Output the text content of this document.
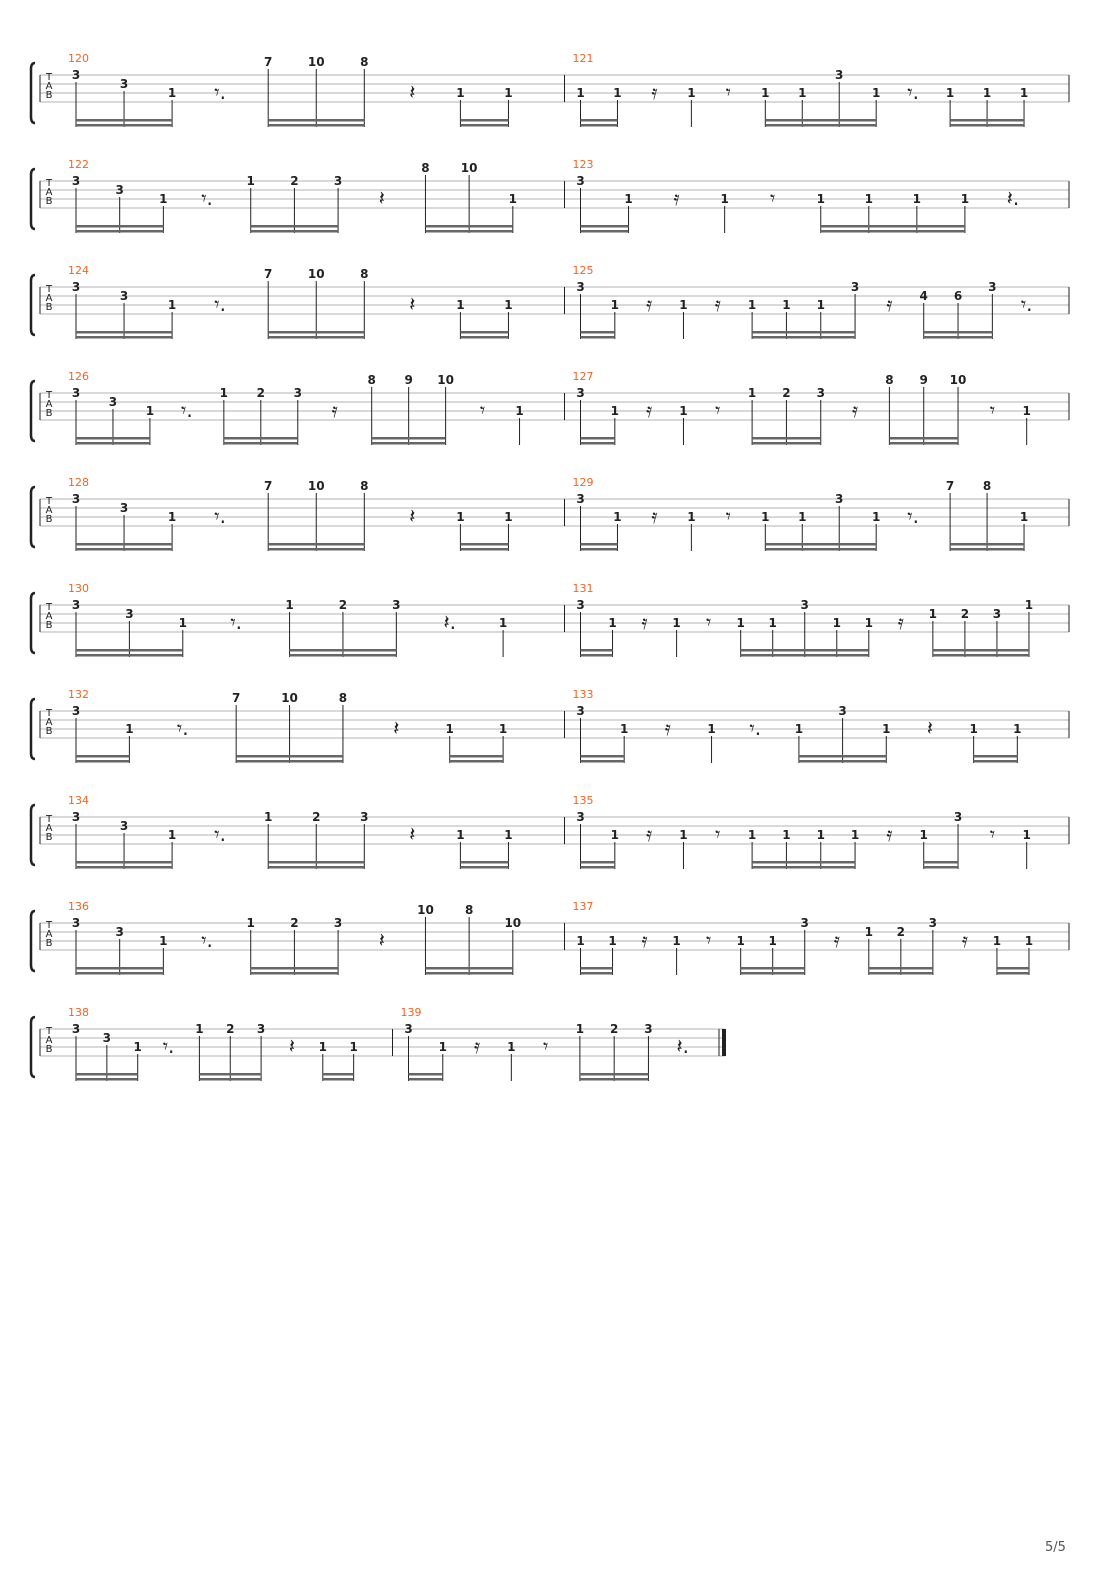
T
A
B
120
3
3
1 𝄾.
7	10	8
𝄽	1	1
121
1 1 𝄿 1 𝄾	1 1
3
1 𝄾. 1 1 1
T
A
B
122
3
3
1 𝄾.
1	2	3
𝄽
8	10
1
123
3
1 𝄿	1 𝄾	1	1	1	1 𝄽.
T
A
B
124
3
3
1 𝄾.
7	10	8
𝄽	1	1
125
3
1 𝄿 1 𝄿 1 1 1
3
𝄿 4 6
3
𝄾.
T
A
B
126
3
3
1 𝄾.
1 2 3
𝄿
8 9 10
𝄾	1
127
3
1 𝄿 1 𝄾
1 2 3
𝄿
8 9 10
𝄾 1
T
A
B
128
3
3
1 𝄾.
7	10	8
𝄽	1	1
129
3
1 𝄿 1 𝄾	1 1
3
1 𝄾.
7 8
1
T
A
B
130
3
3
1 𝄾.
1	2	3
𝄽.	1
131
3
1 𝄿 1 𝄾 1 1
3
1 1 𝄿 1 2 3
1
T
A
B
132
3
1 𝄾.
7	10	8
𝄽	1	1
133
3
1 𝄿	1 𝄾.	1
3
1 𝄽	1	1
T
A
B
134
3
3
1 𝄾.
1	2	3
𝄽	1	1
135
3
1 𝄿 1 𝄾 1 1 1 1 𝄿 1
3
𝄾 1
T
A
B
136
3
3
1 𝄾.
1	2	3
𝄽
10	8
10
137
1 1 𝄿 1 𝄾 1 1
3
𝄿 1 2
3
𝄿 1 1
T
A
B
138
3
3
1 𝄾.
1 2 3
𝄽 1 1
139
3
1 𝄿 1 𝄾
1 2 3
𝄽.
5/5
